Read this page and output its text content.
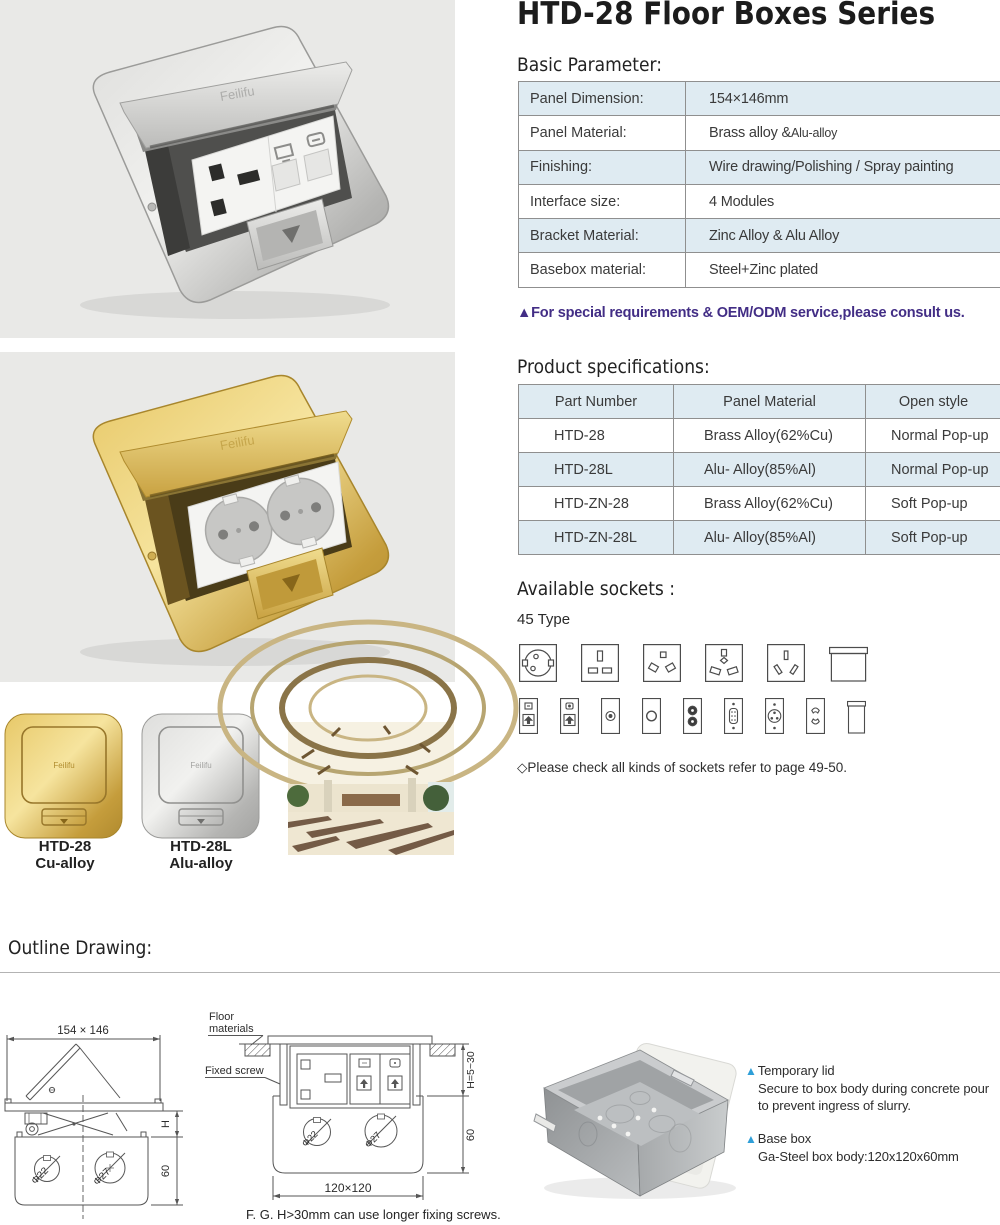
Feilifu
Feilifu
Feilifu	Feilifu
HTD-28
Cu-alloy
HTD-28L
Alu-alloy
HTD-28 Floor Boxes Series
Basic Parameter:
Panel Dimension:	154×146mm
Panel Material:	Brass alloy & Alu-alloy
Finishing:	Wire drawing/Polishing / Spray painting
Interface size:	4 Modules
Bracket Material:	Zinc Alloy & Alu Alloy
Basebox material:	Steel+Zinc plated
▲For special requirements & OEM/ODM service,please consult us.
Product specifications:
Part Number	Panel Material	Open style
HTD-28	Brass Alloy(62%Cu)	Normal Pop-up
HTD-28L	Alu- Alloy(85%Al)	Normal Pop-up
HTD-ZN-28	Brass Alloy(62%Cu)	Soft Pop-up
HTD-ZN-28L	Alu- Alloy(85%Al)	Soft Pop-up
Available sockets :
45 Type
◇Please check all kinds of sockets refer to page 49-50.
Outline Drawing:
154 × 146
Φ22	Φ27
H
60
Floor
materials
Fixed screw
Φ22	Φ27
H=5~30
60
120×120
▲ Temporary lid
Secure to box body during concrete pour
to prevent ingress of slurry.
▲ Base box
Ga-Steel box body:120x120x60mm
F. G. H>30mm can use longer fixing screws.
